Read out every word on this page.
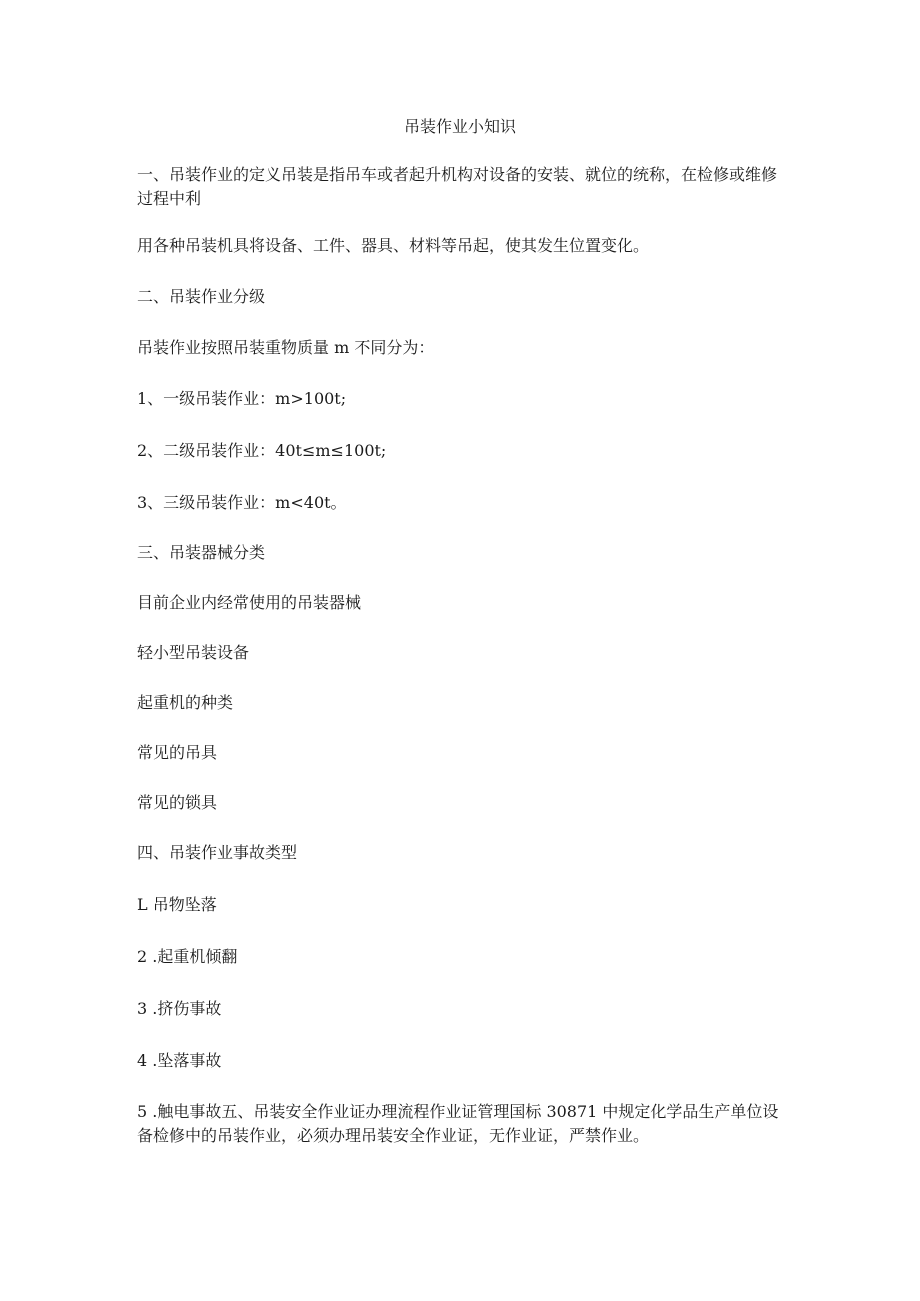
吊装作业小知识
一、吊装作业的定义吊装是指吊车或者起升机构对设备的安装、就位的统称，在检修或维修过程中利
用各种吊装机具将设备、工件、器具、材料等吊起，使其发生位置变化。
二、吊装作业分级
吊装作业按照吊装重物质量 m 不同分为：
1、一级吊装作业：m>100t;
2、二级吊装作业：40t≤m≤100t;
3、三级吊装作业：m<40t。
三、吊装器械分类
目前企业内经常使用的吊装器械
轻小型吊装设备
起重机的种类
常见的吊具
常见的锁具
四、吊装作业事故类型
L 吊物坠落
2 .起重机倾翻
3 .挤伤事故
4 .坠落事故
5 .触电事故五、吊装安全作业证办理流程作业证管理国标 30871 中规定化学品生产单位设备检修中的吊装作业，必须办理吊装安全作业证，无作业证，严禁作业。
